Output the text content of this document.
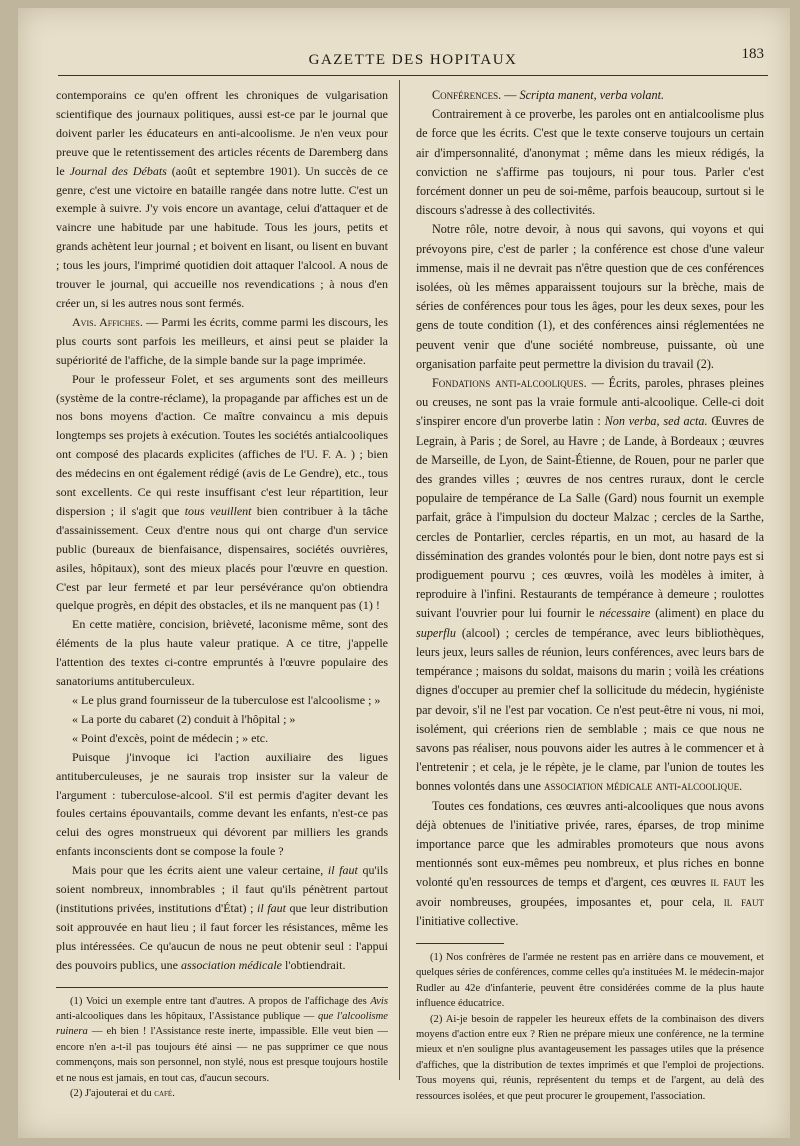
GAZETTE DES HOPITAUX	183

contemporains ce qu'en offrent les chroniques de vulgarisation scientifique des journaux politiques, aussi est-ce par le journal que doivent parler les éducateurs en anti-alcoolisme. Je n'en veux pour preuve que le retentissement des articles récents de Daremberg dans le Journal des Débats (août et septembre 1901). Un succès de ce genre, c'est une victoire en bataille rangée dans notre lutte. C'est un exemple à suivre. J'y vois encore un avantage, celui d'attaquer et de vaincre une habitude par une habitude. Tous les jours, petits et grands achètent leur journal ; et boivent en lisant, ou lisent en buvant ; tous les jours, l'imprimé quotidien doit attaquer l'alcool. A nous de trouver le journal, qui accueille nos revendications ; à nous d'en créer un, si les autres nous sont fermés.

Avis. Affiches. — Parmi les écrits, comme parmi les discours, les plus courts sont parfois les meilleurs, et ainsi peut se plaider la supériorité de l'affiche, de la simple bande sur la page imprimée.

Pour le professeur Folet, et ses arguments sont des meilleurs (système de la contre-réclame), la propagande par affiches est un de nos bons moyens d'action. Ce maître convaincu a mis depuis longtemps ses projets à exécution. Toutes les sociétés antialcooliques ont composé des placards explicites (affiches de l'U. F. A. ) ; bien des médecins en ont également rédigé (avis de Le Gendre), etc., tous sont excellents. Ce qui reste insuffisant c'est leur répartition, leur dispersion ; il s'agit que tous veuillent bien contribuer à la tâche d'assainissement. Ceux d'entre nous qui ont charge d'un service public (bureaux de bienfaisance, dispensaires, sociétés ouvrières, asiles, hôpitaux), sont des mieux placés pour l'œuvre en question. C'est par leur fermeté et par leur persévérance qu'on obtiendra quelque progrès, en dépit des obstacles, et ils ne manquent pas (1) !

En cette matière, concision, brièveté, laconisme même, sont des éléments de la plus haute valeur pratique. A ce titre, j'appelle l'attention des textes ci-contre empruntés à l'œuvre populaire des sanatoriums antituberculeux.

« Le plus grand fournisseur de la tuberculose est l'alcoolisme ; »

« La porte du cabaret (2) conduit à l'hôpital ; »

« Point d'excès, point de médecin ; » etc.

Puisque j'invoque ici l'action auxiliaire des ligues antituberculeuses, je ne saurais trop insister sur la valeur de l'argument : tuberculose-alcool. S'il est permis d'agiter devant les foules certains épouvantails, comme devant les enfants, n'est-ce pas celui des ogres monstrueux qui dévorent par milliers les grands enfants inconscients dont se compose la foule ?

Mais pour que les écrits aient une valeur certaine, il faut qu'ils soient nombreux, innombrables ; il faut qu'ils pénètrent partout (institutions privées, institutions d'État) ; il faut que leur distribution soit approuvée en haut lieu ; il faut forcer les résistances, même les plus intéressées. Ce qu'aucun de nous ne peut obtenir seul : l'appui des pouvoirs publics, une association médicale l'obtiendrait.

(1) Voici un exemple entre tant d'autres. A propos de l'affichage des Avis anti-alcooliques dans les hôpitaux, l'Assistance publique — que l'alcoolisme ruinera — eh bien ! l'Assistance reste inerte, impassible. Elle veut bien — encore n'en a-t-il pas toujours été ainsi — ne pas supprimer ce que nous commençons, mais son personnel, non stylé, nous est presque toujours hostile et ne nous est jamais, en tout cas, d'aucun secours.

(2) J'ajouterai et du café.

Conférences. — Scripta manent, verba volant.

Contrairement à ce proverbe, les paroles ont en antialcoolisme plus de force que les écrits. C'est que le texte conserve toujours un certain air d'impersonnalité, d'anonymat ; même dans les mieux rédigés, la conviction ne s'affirme pas toujours, ni pour tous. Parler c'est forcément donner un peu de soi-même, parfois beaucoup, surtout si le discours s'adresse à des collectivités.

Notre rôle, notre devoir, à nous qui savons, qui voyons et qui prévoyons pire, c'est de parler ; la conférence est chose d'une valeur immense, mais il ne devrait pas n'être question que de ces conférences isolées, où les mêmes apparaissent toujours sur la brèche, mais de séries de conférences pour tous les âges, pour les deux sexes, pour les gens de toute condition (1), et des conférences ainsi réglementées ne peuvent venir que d'une société nombreuse, puissante, où une organisation parfaite peut permettre la division du travail (2).

Fondations anti-alcooliques. — Écrits, paroles, phrases pleines ou creuses, ne sont pas la vraie formule anti-alcoolique. Celle-ci doit s'inspirer encore d'un proverbe latin : Non verba, sed acta. Œuvres de Legrain, à Paris ; de Sorel, au Havre ; de Lande, à Bordeaux ; œuvres de Marseille, de Lyon, de Saint-Étienne, de Rouen, pour ne parler que des grandes villes ; œuvres de nos centres ruraux, dont le cercle populaire de tempérance de La Salle (Gard) nous fournit un exemple parfait, grâce à l'impulsion du docteur Malzac ; cercles de la Sarthe, cercles de Pontarlier, cercles répartis, en un mot, au hasard de la dissémination des grandes volontés pour le bien, dont notre pays est si prodiguement pourvu ; ces œuvres, voilà les modèles à imiter, à reproduire à l'infini. Restaurants de tempérance à demeure ; roulottes suivant l'ouvrier pour lui fournir le nécessaire (aliment) en place du superflu (alcool) ; cercles de tempérance, avec leurs bibliothèques, leurs jeux, leurs salles de réunion, leurs conférences, avec leurs bars de tempérance ; maisons du soldat, maisons du marin ; voilà les créations dignes d'occuper au premier chef la sollicitude du médecin, hygiéniste par devoir, s'il ne l'est par vocation. Ce n'est peut-être ni vous, ni moi, isolément, qui créerions rien de semblable ; mais ce que nous ne savons pas réaliser, nous pouvons aider les autres à le commencer et à l'entretenir ; et cela, je le répète, je le clame, par l'union de toutes les bonnes volontés dans une association médicale anti-alcoolique.

Toutes ces fondations, ces œuvres anti-alcooliques que nous avons déjà obtenues de l'initiative privée, rares, éparses, de trop minime importance parce que les admirables promoteurs que nous avons mentionnés sont eux-mêmes peu nombreux, et plus riches en bonne volonté qu'en ressources de temps et d'argent, ces œuvres il faut les avoir nombreuses, groupées, imposantes et, pour cela, il faut l'initiative collective.

(1) Nos confrères de l'armée ne restent pas en arrière dans ce mouvement, et quelques séries de conférences, comme celles qu'a instituées M. le médecin-major Rudler au 42e d'infanterie, peuvent être considérées comme de la plus haute influence éducatrice.

(2) Ai-je besoin de rappeler les heureux effets de la combinaison des divers moyens d'action entre eux ? Rien ne prépare mieux une conférence, ne la termine mieux et n'en souligne plus avantageusement les passages utiles que la présence d'affiches, que la distribution de textes imprimés et que l'emploi de projections. Tous moyens qui, réunis, représentent du temps et de l'argent, au delà des ressources isolées, et que peut procurer le groupement, l'association.
